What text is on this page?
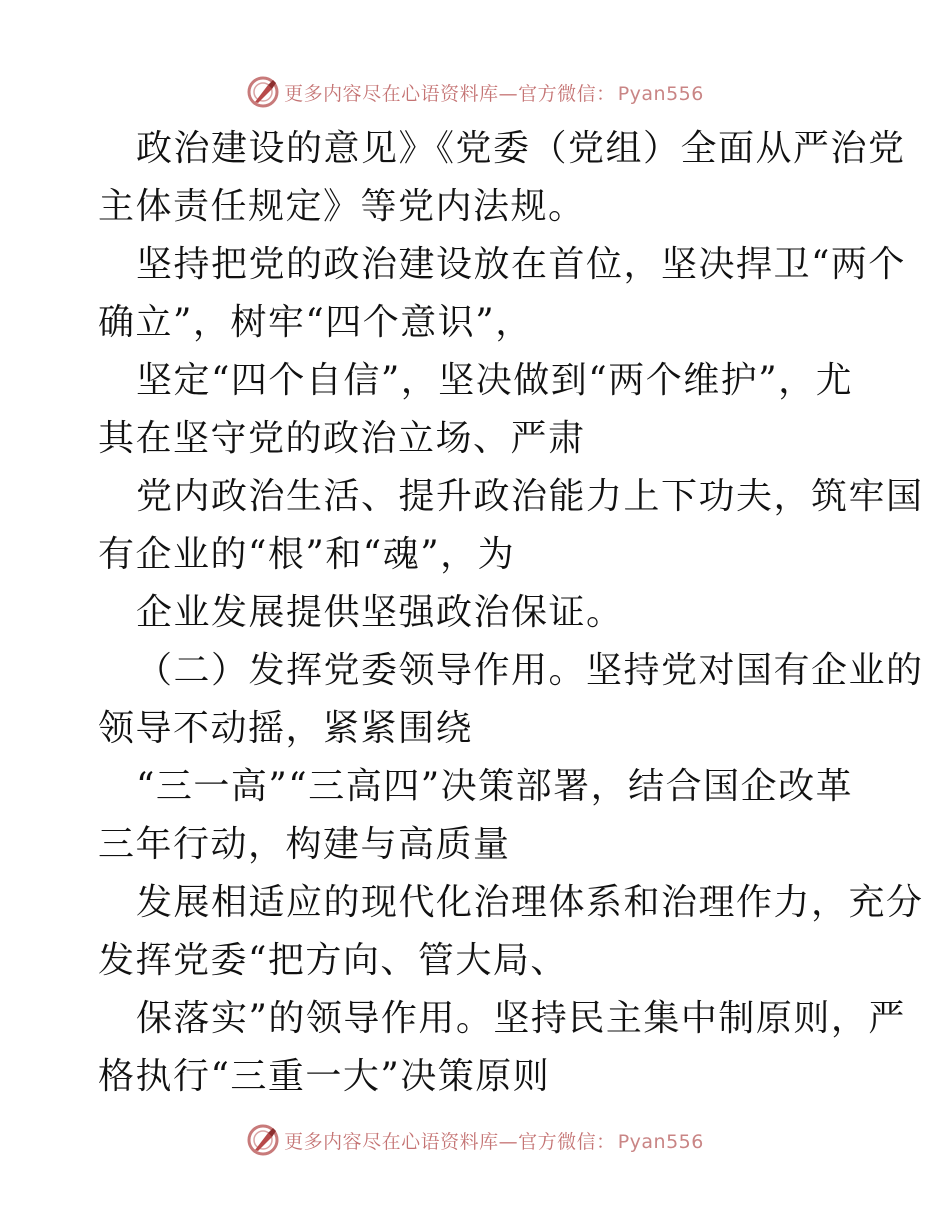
更多内容尽在心语资料库—官方微信： Pyan556
政治建设的意见》《党委（党组）全面从严治党
主体责任规定》等党内法规。
坚持把党的政治建设放在首位，坚决捍卫“两个
确立”，树牢“四个意识”，
坚定“四个自信”，坚决做到“两个维护”，尤
其在坚守党的政治立场、严肃
党内政治生活、提升政治能力上下功夫，筑牢国
有企业的“根”和“魂”，为
企业发展提供坚强政治保证。
（二）发挥党委领导作用。坚持党对国有企业的
领导不动摇，紧紧围绕
“三一高”“三高四”决策部署，结合国企改革
三年行动，构建与高质量
发展相适应的现代化治理体系和治理作力，充分
发挥党委“把方向、管大局、
保落实”的领导作用。坚持民主集中制原则，严
格执行“三重一大”决策原则
更多内容尽在心语资料库—官方微信： Pyan556
